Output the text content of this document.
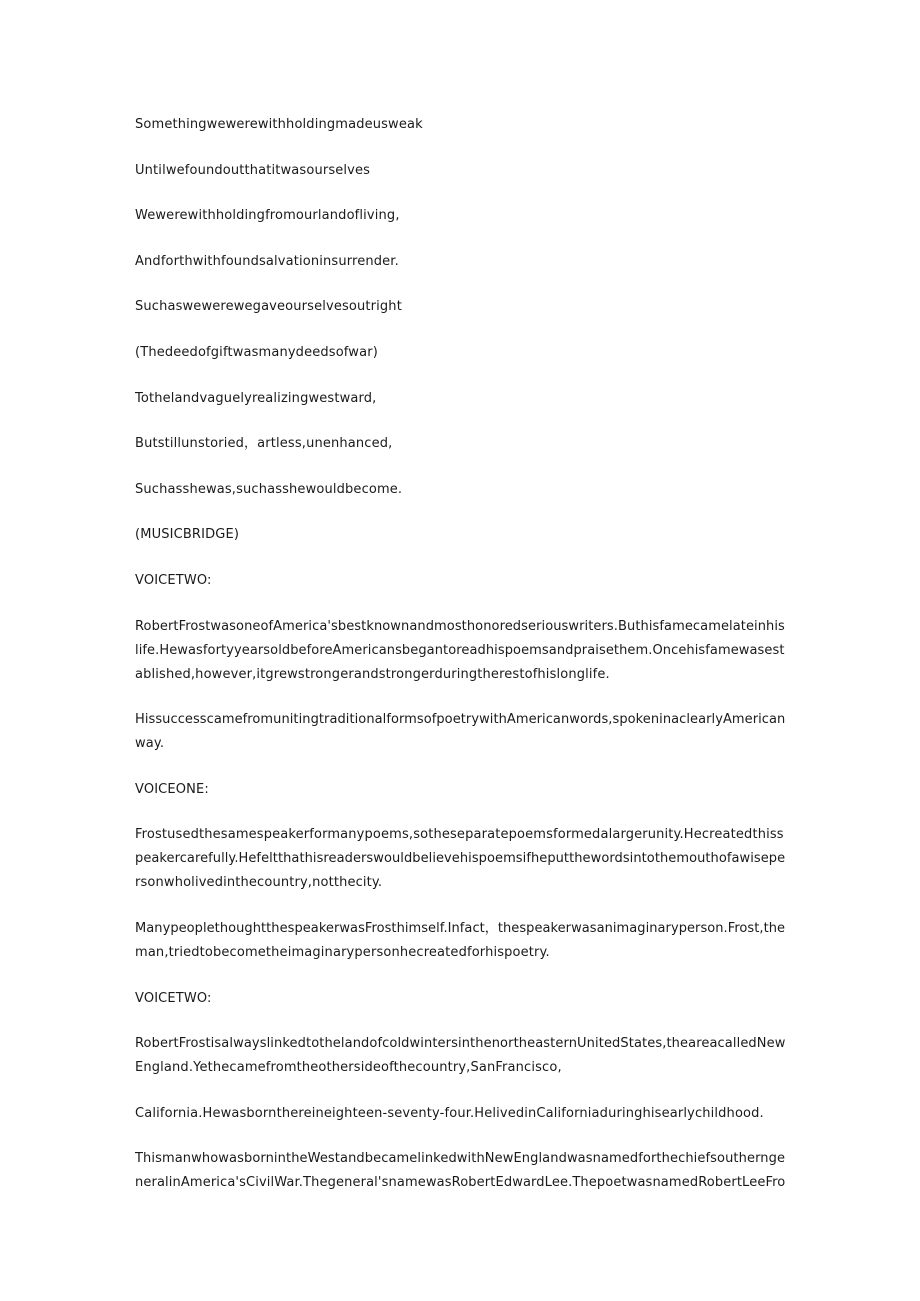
Somethingwewerewithholdingmadeusweak

Untilwefoundoutthatitwasourselves

Wewerewithholdingfromourlandofliving,

Andforthwithfoundsalvationinsurrender.

Suchaswewerewegaveourselvesoutright

(Thedeedofgiftwasmanydeedsofwar)

Tothelandvaguelyrealizingwestward,

Butstillunstoried，artless,unenhanced,

Suchasshewas,suchasshewouldbecome.

(MUSICBRIDGE)

VOICETWO:

RobertFrostwasoneofAmerica'sbestknownandmosthonoredseriouswriters.Buthisfamecamelateinhis
life.HewasfortyyearsoldbeforeAmericansbegantoreadhispoemsandpraisethem.Oncehisfamewasest
ablished,however,itgrewstrongerandstrongerduringtherestofhislonglife.

HissuccesscamefromunitingtraditionalformsofpoetrywithAmericanwords,spokeninaclearlyAmerican
way.

VOICEONE:

Frostusedthesamespeakerformanypoems,sotheseparatepoemsformedalargerunity.Hecreatedthiss
peakercarefully.Hefeltthathisreaderswouldbelievehispoemsifheputthewordsintothemouthofawisepe
rsonwholivedinthecountry,notthecity.

ManypeoplethoughtthespeakerwasFrosthimself.Infact，thespeakerwasanimaginaryperson.Frost,the
man,triedtobecometheimaginarypersonhecreatedforhispoetry.

VOICETWO:

RobertFrostisalwayslinkedtothelandofcoldwintersinthenortheasternUnitedStates,theareacalledNew
England.Yethecamefromtheothersideofthecountry,SanFrancisco,

California.Hewasbornthereineighteen-seventy-four.HelivedinCaliforniaduringhisearlychildhood.

ThismanwhowasbornintheWestandbecamelinkedwithNewEnglandwasnamedforthechiefsoutherngе
neralinAmerica'sCivilWar.Thegeneral'snamewasRobertEdwardLee.ThepoetwasnamedRobertLeeFro
